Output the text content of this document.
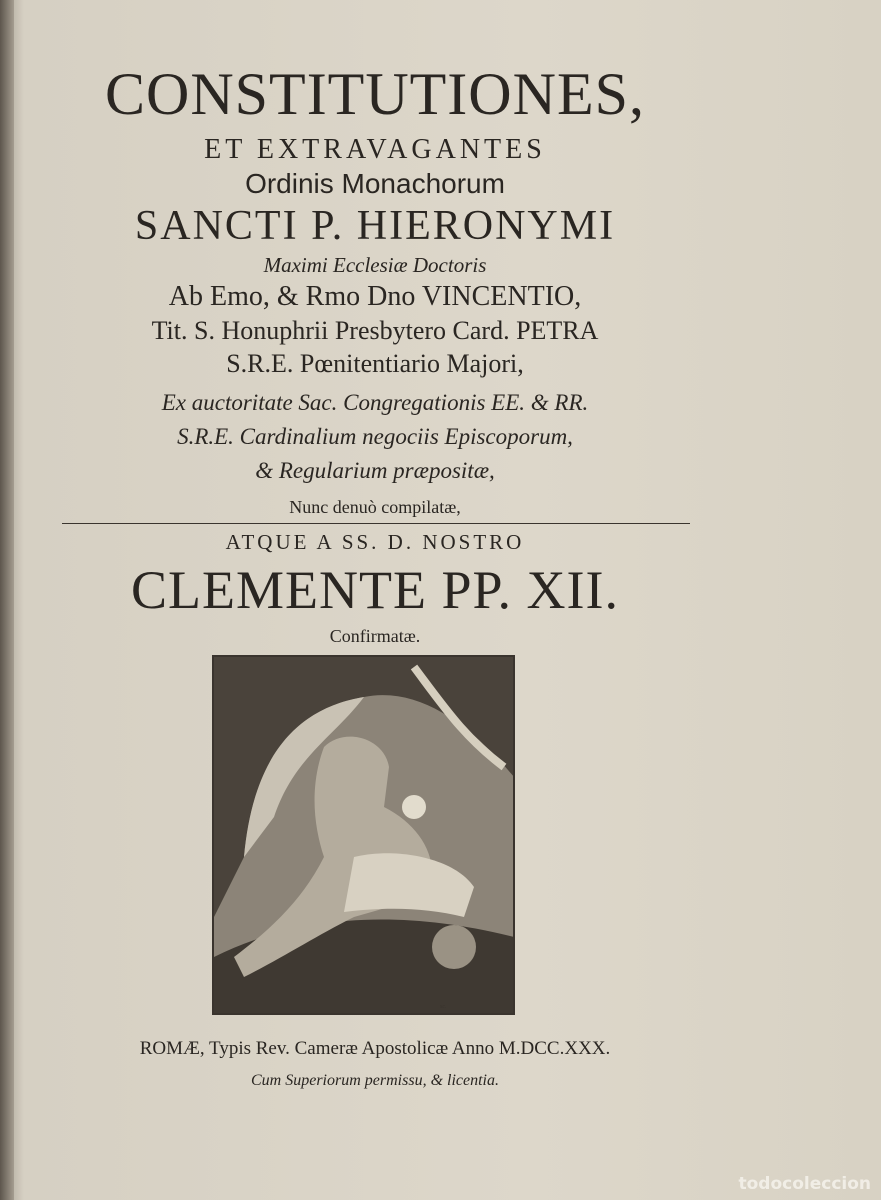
CONSTITUTIONES,
ET EXTRAVAGANTES
Ordinis Monachorum
SANCTI P. HIERONYMI
Maximi Ecclesiæ Doctoris
Ab Emo, & Rmo Dno VINCENTIO,
Tit. S. Honuphrii Presbytero Card. PETRA
S.R.E. Pœnitentiario Majori,
Ex auctoritate Sac. Congregationis EE. & RR.
S.R.E. Cardinalium negociis Episcoporum,
& Regularium præpositæ,
Nunc denuò compilatæ,
ATQUE A SS. D. NOSTRO
CLEMENTE PP. XII.
Confirmatæ.
sc.
ROMÆ, Typis Rev. Cameræ Apostolicæ Anno M.DCC.XXX.
Cum Superiorum permissu, & licentia.
todocoleccion
